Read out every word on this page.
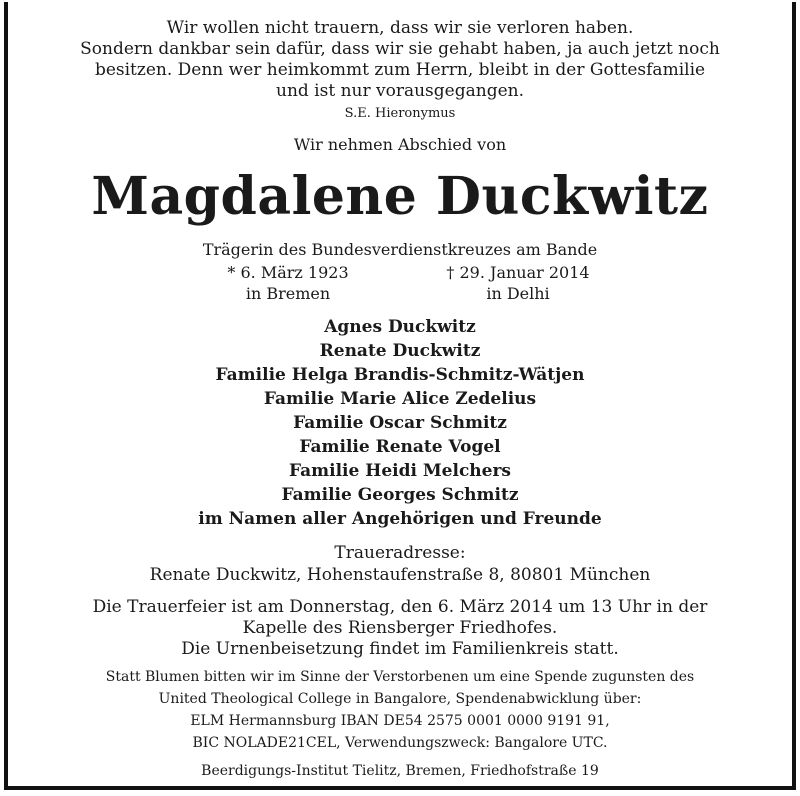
Wir wollen nicht trauern, dass wir sie verloren haben.
Sondern dankbar sein dafür, dass wir sie gehabt haben, ja auch jetzt noch
besitzen. Denn wer heimkommt zum Herrn, bleibt in der Gottesfamilie
und ist nur vorausgegangen.
S.E. Hieronymus
Wir nehmen Abschied von
Magdalene Duckwitz
Trägerin des Bundesverdienstkreuzes am Bande
* 6. März 1923
in Bremen
† 29. Januar 2014
in Delhi
Agnes Duckwitz
Renate Duckwitz
Familie Helga Brandis-Schmitz-Wätjen
Familie Marie Alice Zedelius
Familie Oscar Schmitz
Familie Renate Vogel
Familie Heidi Melchers
Familie Georges Schmitz
im Namen aller Angehörigen und Freunde
Traueradresse:
Renate Duckwitz, Hohenstaufenstraße 8, 80801 München
Die Trauerfeier ist am Donnerstag, den 6. März 2014 um 13 Uhr in der
Kapelle des Riensberger Friedhofes.
Die Urnenbeisetzung findet im Familienkreis statt.
Statt Blumen bitten wir im Sinne der Verstorbenen um eine Spende zugunsten des
United Theological College in Bangalore, Spendenabwicklung über:
ELM Hermannsburg IBAN DE54 2575 0001 0000 9191 91,
BIC NOLADE21CEL, Verwendungszweck: Bangalore UTC.
Beerdigungs-Institut Tielitz, Bremen, Friedhofstraße 19
